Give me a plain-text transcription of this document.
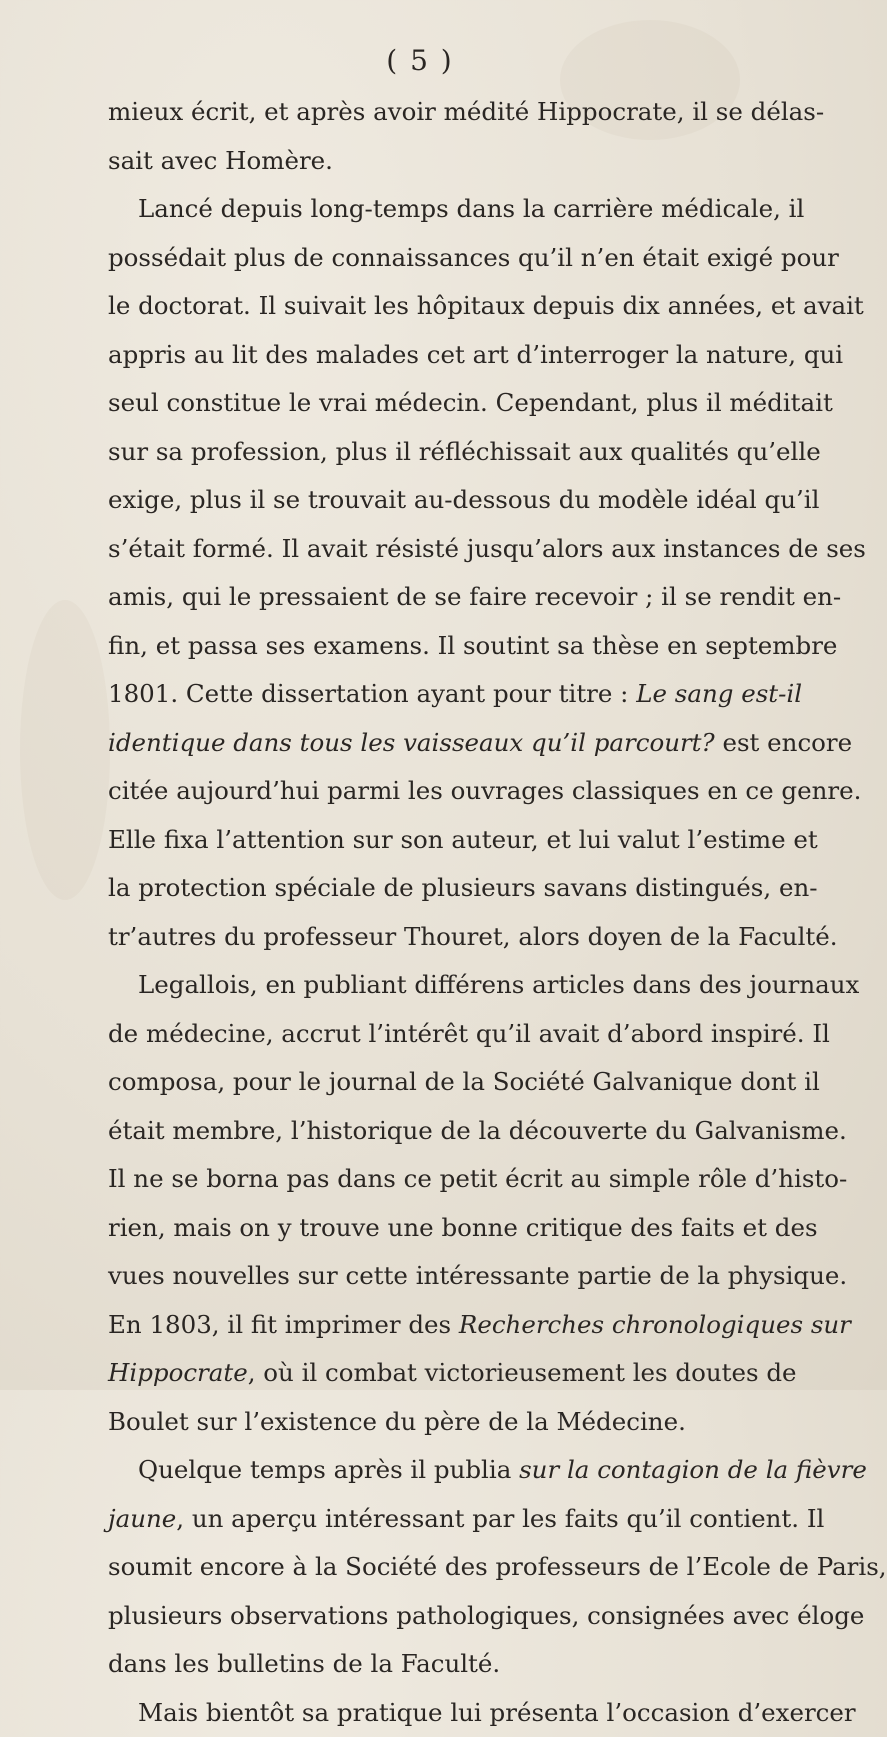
( 5 )
mieux écrit, et après avoir médité Hippocrate, il se délas-
sait avec Homère.
Lancé depuis long-temps dans la carrière médicale, il
possédait plus de connaissances qu’il n’en était exigé pour
le doctorat. Il suivait les hôpitaux depuis dix années, et avait
appris au lit des malades cet art d’interroger la nature, qui
seul constitue le vrai médecin. Cependant, plus il méditait
sur sa profession, plus il réfléchissait aux qualités qu’elle
exige, plus il se trouvait au-dessous du modèle idéal qu’il
s’était formé. Il avait résisté jusqu’alors aux instances de ses
amis, qui le pressaient de se faire recevoir ; il se rendit en-
fin, et passa ses examens. Il soutint sa thèse en septembre
1801. Cette dissertation ayant pour titre : Le sang est-il
identique dans tous les vaisseaux qu’il parcourt? est encore
citée aujourd’hui parmi les ouvrages classiques en ce genre.
Elle fixa l’attention sur son auteur, et lui valut l’estime et
la protection spéciale de plusieurs savans distingués, en-
tr’autres du professeur Thouret, alors doyen de la Faculté.
Legallois, en publiant différens articles dans des journaux
de médecine, accrut l’intérêt qu’il avait d’abord inspiré. Il
composa, pour le journal de la Société Galvanique dont il
était membre, l’historique de la découverte du Galvanisme.
Il ne se borna pas dans ce petit écrit au simple rôle d’histo-
rien, mais on y trouve une bonne critique des faits et des
vues nouvelles sur cette intéressante partie de la physique.
En 1803, il fit imprimer des Recherches chronologiques sur
Hippocrate, où il combat victorieusement les doutes de
Boulet sur l’existence du père de la Médecine.
Quelque temps après il publia sur la contagion de la fièvre
jaune, un aperçu intéressant par les faits qu’il contient. Il
soumit encore à la Société des professeurs de l’Ecole de Paris,
plusieurs observations pathologiques, consignées avec éloge
dans les bulletins de la Faculté.
Mais bientôt sa pratique lui présenta l’occasion d’exercer
